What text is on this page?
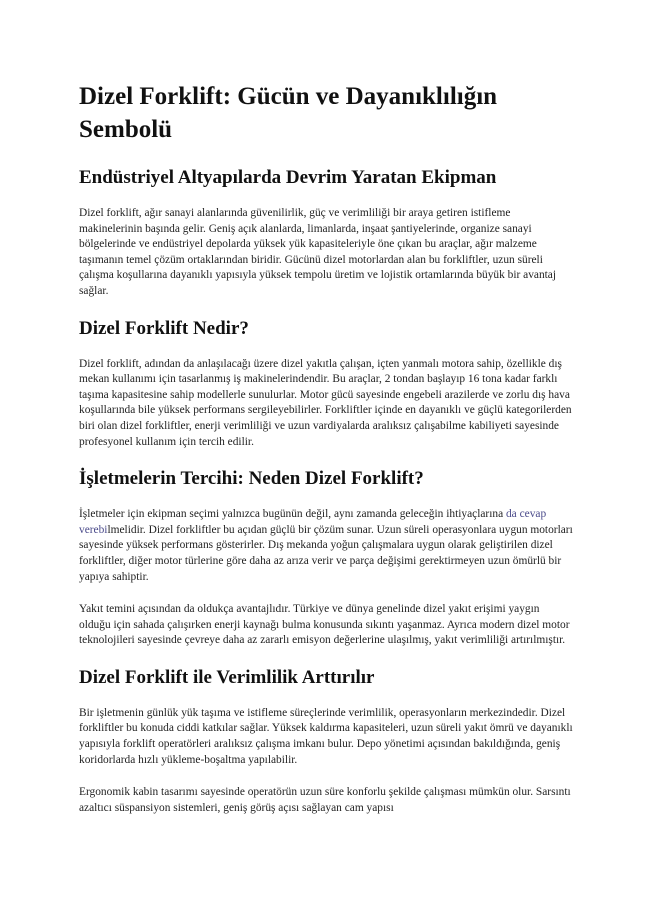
Dizel Forklift: Gücün ve Dayanıklılığın Sembolü
Endüstriyel Altyapılarda Devrim Yaratan Ekipman

Dizel forklift, ağır sanayi alanlarında güvenilirlik, güç ve verimliliği bir araya getiren istifleme makinelerinin başında gelir. Geniş açık alanlarda, limanlarda, inşaat şantiyelerinde, organize sanayi bölgelerinde ve endüstriyel depolarda yüksek yük kapasiteleriyle öne çıkan bu araçlar, ağır malzeme taşımanın temel çözüm ortaklarından biridir. Gücünü dizel motorlardan alan bu forkliftler, uzun süreli çalışma koşullarına dayanıklı yapısıyla yüksek tempolu üretim ve lojistik ortamlarında büyük bir avantaj sağlar.

Dizel Forklift Nedir?

Dizel forklift, adından da anlaşılacağı üzere dizel yakıtla çalışan, içten yanmalı motora sahip, özellikle dış mekan kullanımı için tasarlanmış iş makinelerindendir. Bu araçlar, 2 tondan başlayıp 16 tona kadar farklı taşıma kapasitesine sahip modellerle sunulurlar. Motor gücü sayesinde engebeli arazilerde ve zorlu dış hava koşullarında bile yüksek performans sergileyebilirler. Forkliftler içinde en dayanıklı ve güçlü kategorilerden biri olan dizel forkliftler, enerji verimliliği ve uzun vardiyalarda aralıksız çalışabilme kabiliyeti sayesinde profesyonel kullanım için tercih edilir.

İşletmelerin Tercihi: Neden Dizel Forklift?

İşletmeler için ekipman seçimi yalnızca bugünün değil, aynı zamanda geleceğin ihtiyaçlarına da cevap verebilmelidir. Dizel forkliftler bu açıdan güçlü bir çözüm sunar. Uzun süreli operasyonlara uygun motorları sayesinde yüksek performans gösterirler. Dış mekanda yoğun çalışmalara uygun olarak geliştirilen dizel forkliftler, diğer motor türlerine göre daha az arıza verir ve parça değişimi gerektirmeyen uzun ömürlü bir yapıya sahiptir.

Yakıt temini açısından da oldukça avantajlıdır. Türkiye ve dünya genelinde dizel yakıt erişimi yaygın olduğu için sahada çalışırken enerji kaynağı bulma konusunda sıkıntı yaşanmaz. Ayrıca modern dizel motor teknolojileri sayesinde çevreye daha az zararlı emisyon değerlerine ulaşılmış, yakıt verimliliği artırılmıştır.

Dizel Forklift ile Verimlilik Arttırılır

Bir işletmenin günlük yük taşıma ve istifleme süreçlerinde verimlilik, operasyonların merkezindedir. Dizel forkliftler bu konuda ciddi katkılar sağlar. Yüksek kaldırma kapasiteleri, uzun süreli yakıt ömrü ve dayanıklı yapısıyla forklift operatörleri aralıksız çalışma imkanı bulur. Depo yönetimi açısından bakıldığında, geniş koridorlarda hızlı yükleme-boşaltma yapılabilir.

Ergonomik kabin tasarımı sayesinde operatörün uzun süre konforlu şekilde çalışması mümkün olur. Sarsıntı azaltıcı süspansiyon sistemleri, geniş görüş açısı sağlayan cam yapısı
